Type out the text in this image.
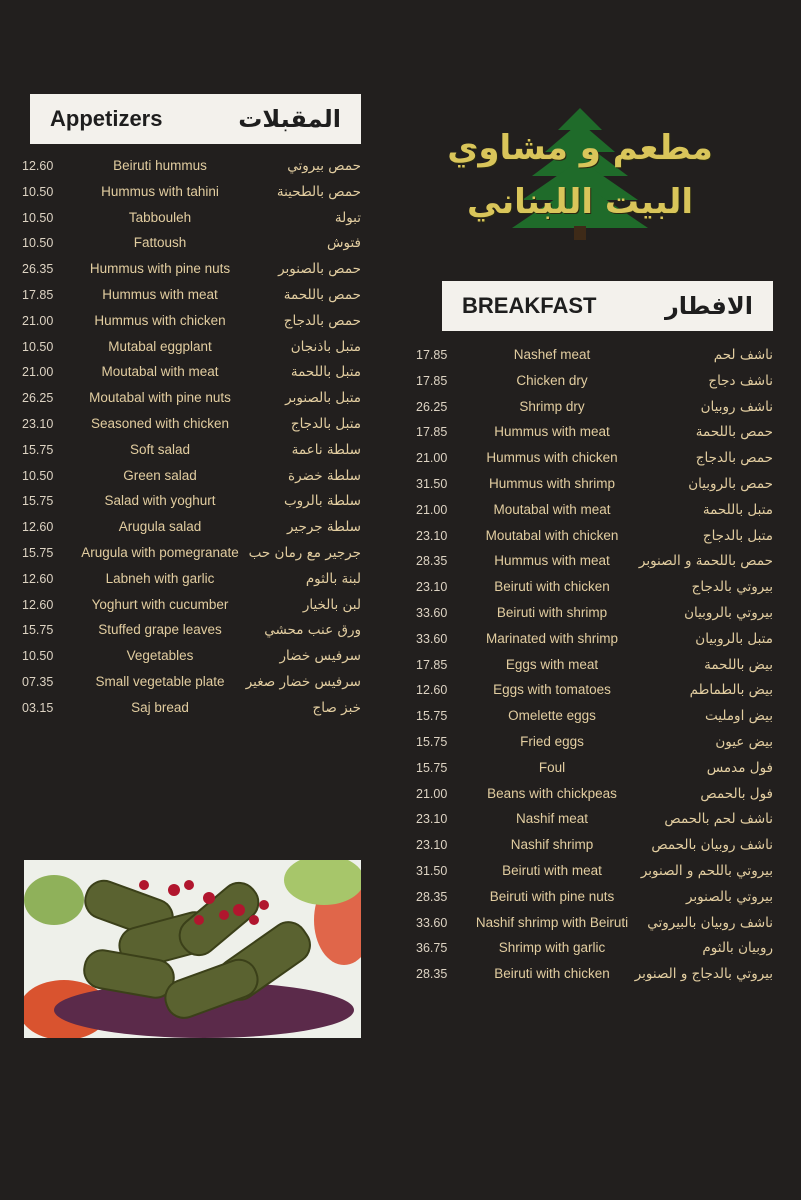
Appetizers	المقبلات
مطعم و مشاوي
البيت اللبناني
12.60	Beiruti hummus	حمص بيروتي
10.50	Hummus with tahini	حمص بالطحينة
10.50	Tabbouleh	تبولة
10.50	Fattoush	فتوش
26.35	Hummus with pine nuts	حمص بالصنوبر
17.85	Hummus with meat	حمص باللحمة
21.00	Hummus with chicken	حمص بالدجاج
10.50	Mutabal eggplant	متبل باذنجان
21.00	Moutabal with meat	متبل باللحمة
26.25	Moutabal with pine nuts	متبل بالصنوبر
23.10	Seasoned with chicken	متبل بالدجاج
15.75	Soft salad	سلطة ناعمة
10.50	Green salad	سلطة خضرة
15.75	Salad with yoghurt	سلطة بالروب
12.60	Arugula salad	سلطة جرجير
15.75 Arugula with pomegranate جرجير مع رمان حب
12.60	Labneh with garlic	لبنة بالثوم
12.60	Yoghurt with cucumber	لبن بالخيار
15.75	Stuffed grape leaves	ورق عنب محشي
10.50	Vegetables	سرفيس خضار
07.35	Small vegetable plate سرفيس خضار صغير
03.15	Saj bread	خبز صاج
BREAKFAST	الافطار
17.85	Nashef meat	ناشف لحم
17.85	Chicken dry	ناشف دجاج
26.25	Shrimp dry	ناشف روبيان
17.85	Hummus with meat	حمص باللحمة
21.00	Hummus with chicken	حمص بالدجاج
31.50	Hummus with shrimp	حمص بالروبيان
21.00	Moutabal with meat	متبل باللحمة
23.10	Moutabal with chicken	متبل بالدجاج
28.35	Hummus with meat حمص باللحمة و الصنوبر
23.10	Beiruti with chicken	بيروتي بالدجاج
33.60	Beiruti with shrimp	بيروتي بالروبيان
33.60	Marinated with shrimp	متبل بالروبيان
17.85	Eggs with meat	بيض باللحمة
12.60	Eggs with tomatoes	بيض بالطماطم
15.75	Omelette eggs	بيض اومليت
15.75	Fried eggs	بيض عيون
15.75	Foul	فول مدمس
21.00	Beans with chickpeas	فول بالحمص
23.10	Nashif meat	ناشف لحم بالحمص
23.10	Nashif shrimp	ناشف روبيان بالحمص
31.50	Beiruti with meat	بيروتي باللحم و الصنوبر
28.35	Beiruti with pine nuts	بيروتي بالصنوبر
33.60 Nashif shrimp with Beiruti ناشف روبيان بالبيروتي
36.75	Shrimp with garlic	روبيان بالثوم
28.35	Beiruti with chicken بيروتي بالدجاج و الصنوبر
